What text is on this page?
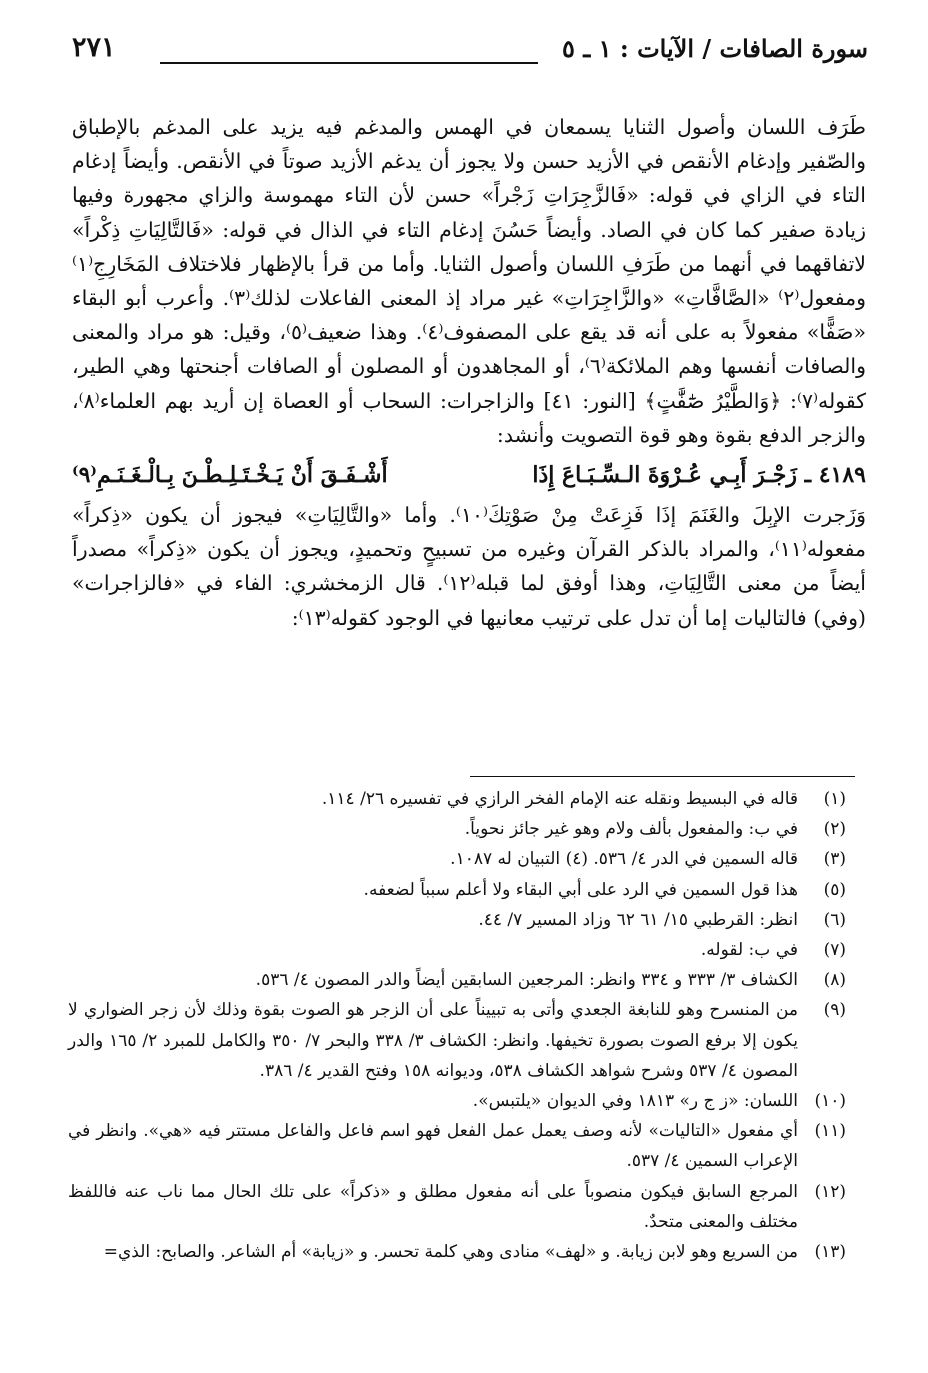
سورة الصافات / الآيات : ١ ـ ٥
٢٧١

طَرَف اللسان وأصول الثنايا يسمعان في الهمس والمدغم فيه يزيد على المدغم بالإطباق والصّفير وإدغام الأنقص في الأزيد حسن ولا يجوز أن يدغم الأزيد صوتاً في الأنقص. وأيضاً إدغام التاء في الزاي في قوله: «فَالزَّجِرَاتِ زَجْراً» حسن لأن التاء مهموسة والزاي مجهورة وفيها زيادة صفير كما كان في الصاد. وأيضاً حَسُنَ إدغام التاء في الذال في قوله: «فَالتَّالِيَاتِ ذِكْراً» لاتفاقهما في أنهما من طَرَفِ اللسان وأصول الثنايا. وأما من قرأ بالإظهار فلاختلاف المَخَارِجِ⁽١⁾ ومفعول⁽٢⁾ «الصَّافَّاتِ» «والزَّاجِرَاتِ» غير مراد إذ المعنى الفاعلات لذلك⁽٣⁾. وأعرب أبو البقاء «صَفًّا» مفعولاً به على أنه قد يقع على المصفوف⁽٤⁾. وهذا ضعيف⁽٥⁾، وقيل: هو مراد والمعنى والصافات أنفسها وهم الملائكة⁽٦⁾، أو المجاهدون أو المصلون أو الصافات أجنحتها وهي الطير، كقوله⁽٧⁾: ﴿وَالطَّيْرُ صَٰٓفَّٰتٍ﴾ [النور: ٤١] والزاجرات: السحاب أو العصاة إن أريد بهم العلماء⁽٨⁾، والزجر الدفع بقوة وهو قوة التصويت وأنشد:

٤١٨٩ ـ زَجْـرَ أَبِـي عُـرْوَةَ الـسِّـبَـاعَ إِذَا
أَشْـفَـقَ أَنْ يَـخْـتَـلِـطْـنَ بِـالْـغَـنَـمِ⁽٩⁾

وَزَجرت الإبِلَ والغَنَمَ إذَا فَزِعَتْ مِنْ صَوْتِكَ⁽١٠⁾. وأما «والتَّالِيَاتِ» فيجوز أن يكون «ذِكراً» مفعوله⁽١١⁾، والمراد بالذكر القرآن وغيره من تسبيحٍ وتحميدٍ، ويجوز أن يكون «ذِكراً» مصدراً أيضاً من معنى التَّالِيَاتِ، وهذا أوفق لما قبله⁽١٢⁾. قال الزمخشري: الفاء في «فالزاجرات» (وفي) فالتاليات إما أن تدل على ترتيب معانيها في الوجود كقوله⁽١٣⁾:

(١)
قاله في البسيط ونقله عنه الإمام الفخر الرازي في تفسيره ٢٦/ ١١٤.
(٢)
في ب: والمفعول بألف ولام وهو غير جائز نحوياً.
(٣)
قاله السمين في الدر ٤/ ٥٣٦. (٤) التبيان له ١٠٨٧.
(٥)
هذا قول السمين في الرد على أبي البقاء ولا أعلم سبباً لضعفه.
(٦)
انظر: القرطبي ١٥/ ٦١ ٦٢ وزاد المسير ٧/ ٤٤.
(٧)
في ب: لقوله.
(٨)
الكشاف ٣/ ٣٣٣ و ٣٣٤ وانظر: المرجعين السابقين أيضاً والدر المصون ٤/ ٥٣٦.
(٩)
من المنسرح وهو للنابغة الجعدي وأتى به تبييناً على أن الزجر هو الصوت بقوة وذلك لأن زجر الضواري لا يكون إلا برفع الصوت بصورة تخيفها. وانظر: الكشاف ٣/ ٣٣٨ والبحر ٧/ ٣٥٠ والكامل للمبرد ٢/ ١٦٥ والدر المصون ٤/ ٥٣٧ وشرح شواهد الكشاف ٥٣٨، وديوانه ١٥٨ وفتح القدير ٤/ ٣٨٦.
(١٠)
اللسان: «ز ج ر» ١٨١٣ وفي الديوان «يلتبس».
(١١)
أي مفعول «التاليات» لأنه وصف يعمل عمل الفعل فهو اسم فاعل والفاعل مستتر فيه «هي». وانظر في الإعراب السمين ٤/ ٥٣٧.
(١٢)
المرجع السابق فيكون منصوباً على أنه مفعول مطلق و «ذكراً» على تلك الحال مما ناب عنه فاللفظ مختلف والمعنى متحدٌ.
(١٣)
من السريع وهو لابن زيابة. و «لهف» منادى وهي كلمة تحسر. و «زيابة» أم الشاعر. والصابح: الذي=
